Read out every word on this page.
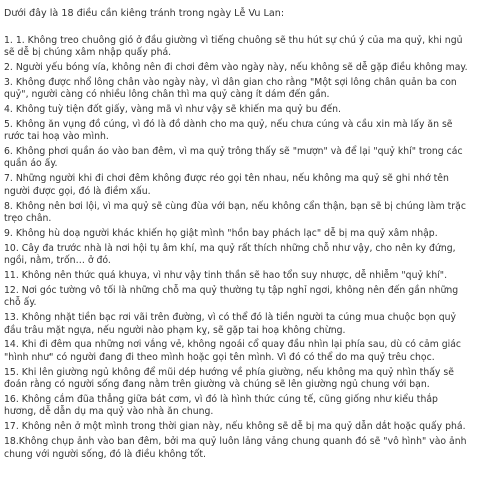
Dưới đây là 18 điều cần kiêng tránh trong ngày Lễ Vu Lan:
1. 1. Không treo chuông gió ở đầu giường vì tiếng chuông sẽ thu hút sự chú ý của ma quỷ, khi ngủ sẽ dễ bị chúng xâm nhập quấy phá.
2. Người yếu bóng vía, không nên đi chơi đêm vào ngày này, nếu không sẽ dễ gặp điều không may.
3. Không được nhổ lông chân vào ngày này, vì dân gian cho rằng "Một sợi lông chân quản ba con quỷ", người càng có nhiều lông chân thì ma quỷ càng ít dám đến gần.
4. Không tuỳ tiện đốt giấy, vàng mã vì như vậy sẽ khiến ma quỷ bu đến.
5. Không ăn vụng đồ cúng, vì đó là đồ dành cho ma quỷ, nếu chưa cúng và cầu xin mà lấy ăn sẽ rước tai hoạ vào mình.
6. Không phơi quần áo vào ban đêm, vì ma quỷ trông thấy sẽ "mượn" và để lại "quỷ khí" trong các quần áo ấy.
7. Những người khi đi chơi đêm không được réo gọi tên nhau, nếu không ma quỷ sẽ ghi nhớ tên người được gọi, đó là điềm xấu.
8. Không nên bơi lội, vì ma quỷ sẽ cùng đùa với bạn, nếu không cẩn thận, bạn sẽ bị chúng làm trặc trẹo chân.
9. Không hù doạ người khác khiến họ giật mình "hồn bay phách lạc" dễ bị ma quỷ xâm nhập.
10. Cây đa trước nhà là nơi hội tụ âm khí, ma quỷ rất thích những chỗ như vậy, cho nên ky đứng, ngồi, nằm, trốn… ở đó.
11. Không nên thức quá khuya, vì như vậy tinh thần sẽ hao tổn suy nhược, dễ nhiễm "quỷ khí".
12. Nơi góc tường vô tối là những chỗ ma quỷ thường tụ tập nghỉ ngơi, không nên đến gần những chỗ ấy.
13. Không nhặt tiền bạc rơi vãi trên đường, vì có thể đó là tiền người ta cúng mua chuộc bọn quỷ đầu trâu mặt ngựa, nếu người nào phạm kỵ, sẽ gặp tai hoạ không chừng.
14. Khi đi đêm qua những nơi vắng vẻ, không ngoái cổ quay đầu nhìn lại phía sau, dù có cảm giác "hình như" có người đang đi theo mình hoặc gọi tên mình. Vì đó có thể do ma quỷ trêu chọc.
15. Khi lên giường ngủ không để mũi dép hướng về phía giường, nếu không ma quỷ nhìn thấy sẽ đoán rằng có người sống đang nằm trên giường và chúng sẽ lên giường ngủ chung với bạn.
16. Không cắm đũa thẳng giữa bát cơm, vì đó là hình thức cúng tế, cũng giống như kiểu thắp hương, dễ dẫn dụ ma quỷ vào nhà ăn chung.
17. Không nên ở một mình trong thời gian này, nếu không sẽ dễ bị ma quỷ dẫn dắt hoặc quấy phá.
18.Không chụp ảnh vào ban đêm, bởi ma quỷ luôn lảng vảng chung quanh đó sẽ "vô hình" vào ảnh chung với người sống, đó là điều không tốt.
